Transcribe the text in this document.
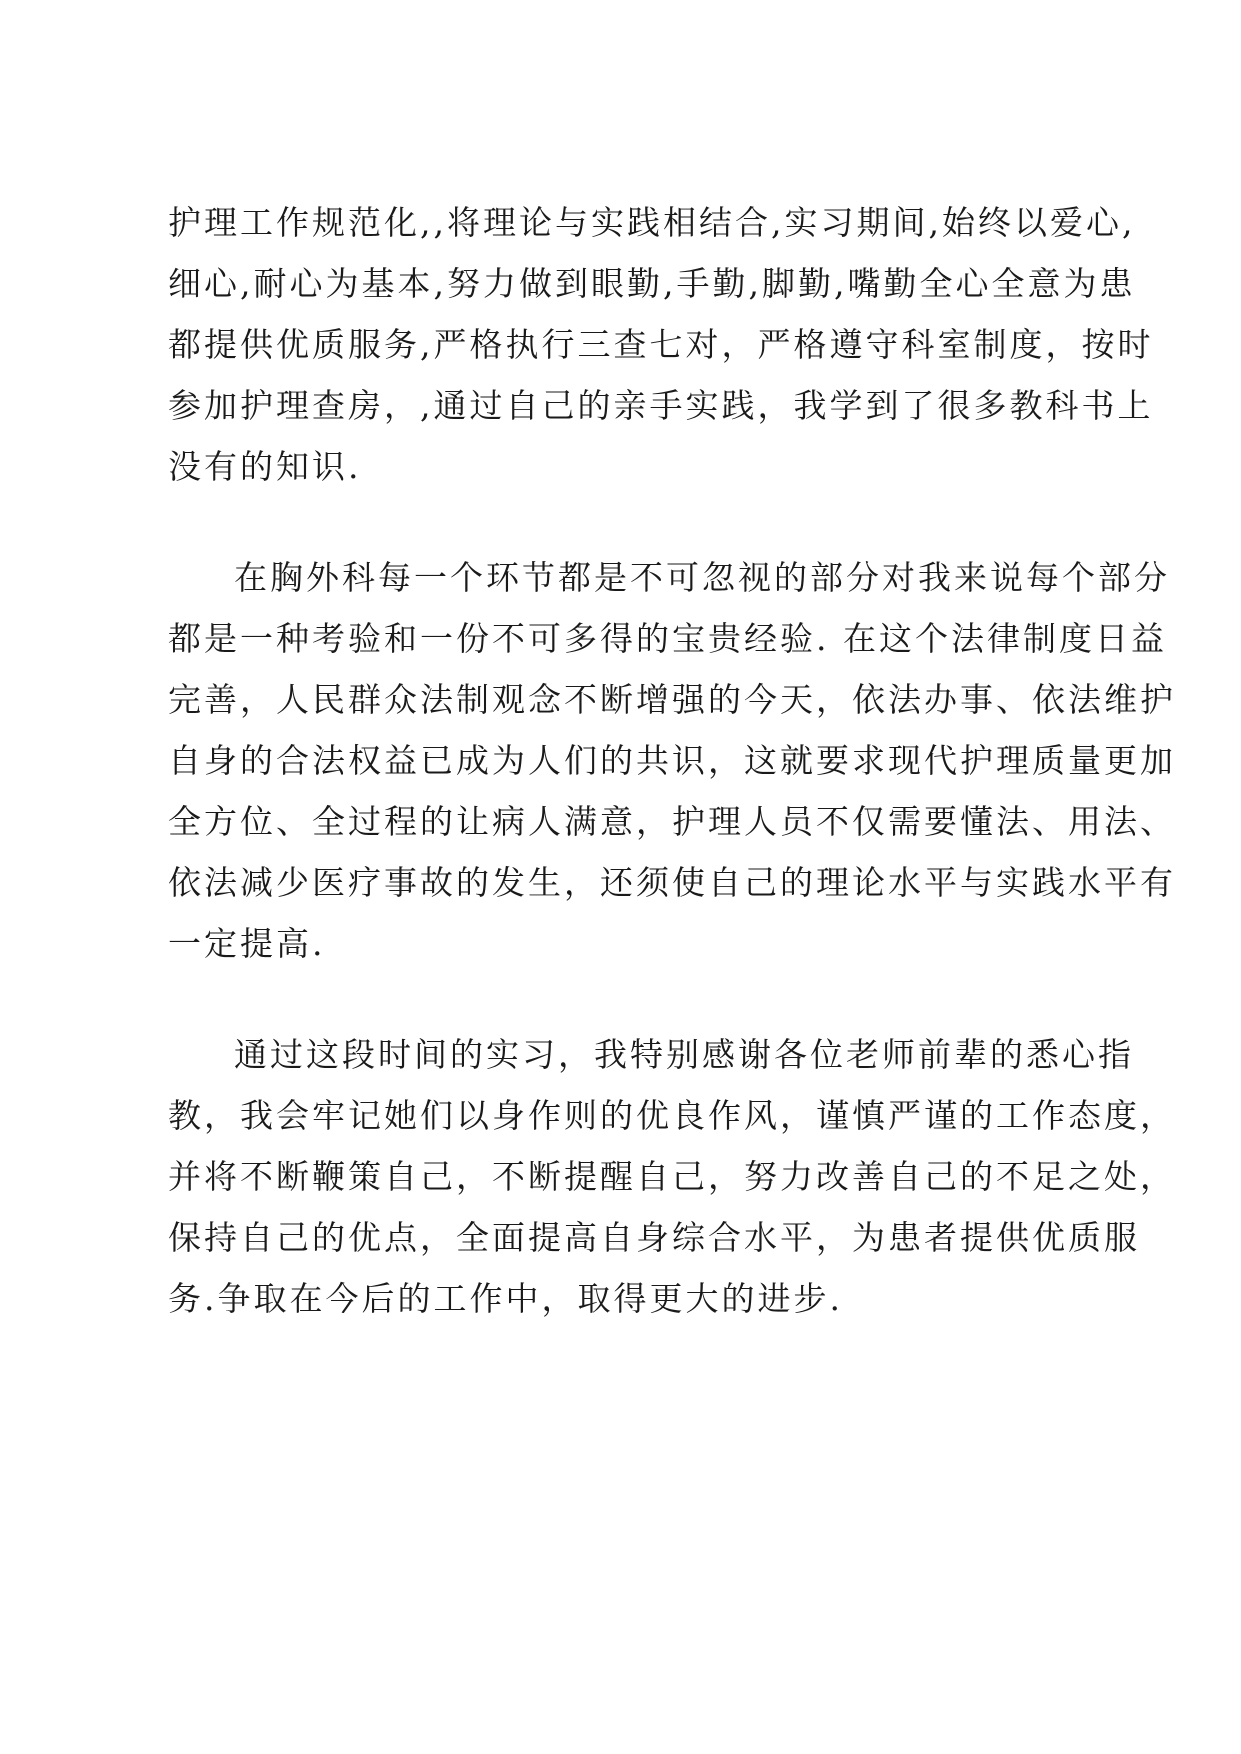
护理工作规范化,,将理论与实践相结合,实习期间,始终以爱心,
细心,耐心为基本,努力做到眼勤,手勤,脚勤,嘴勤全心全意为患
都提供优质服务,严格执行三查七对，严格遵守科室制度，按时
参加护理查房，,通过自己的亲手实践，我学到了很多教科书上
没有的知识.
在胸外科每一个环节都是不可忽视的部分对我来说每个部分
都是一种考验和一份不可多得的宝贵经验. 在这个法律制度日益
完善，人民群众法制观念不断增强的今天，依法办事、依法维护
自身的合法权益已成为人们的共识，这就要求现代护理质量更加
全方位、全过程的让病人满意，护理人员不仅需要懂法、用法、
依法减少医疗事故的发生，还须使自己的理论水平与实践水平有
一定提高.
通过这段时间的实习，我特别感谢各位老师前辈的悉心指
教，我会牢记她们以身作则的优良作风，谨慎严谨的工作态度，
并将不断鞭策自己，不断提醒自己，努力改善自己的不足之处，
保持自己的优点，全面提高自身综合水平，为患者提供优质服
务.争取在今后的工作中，取得更大的进步.
